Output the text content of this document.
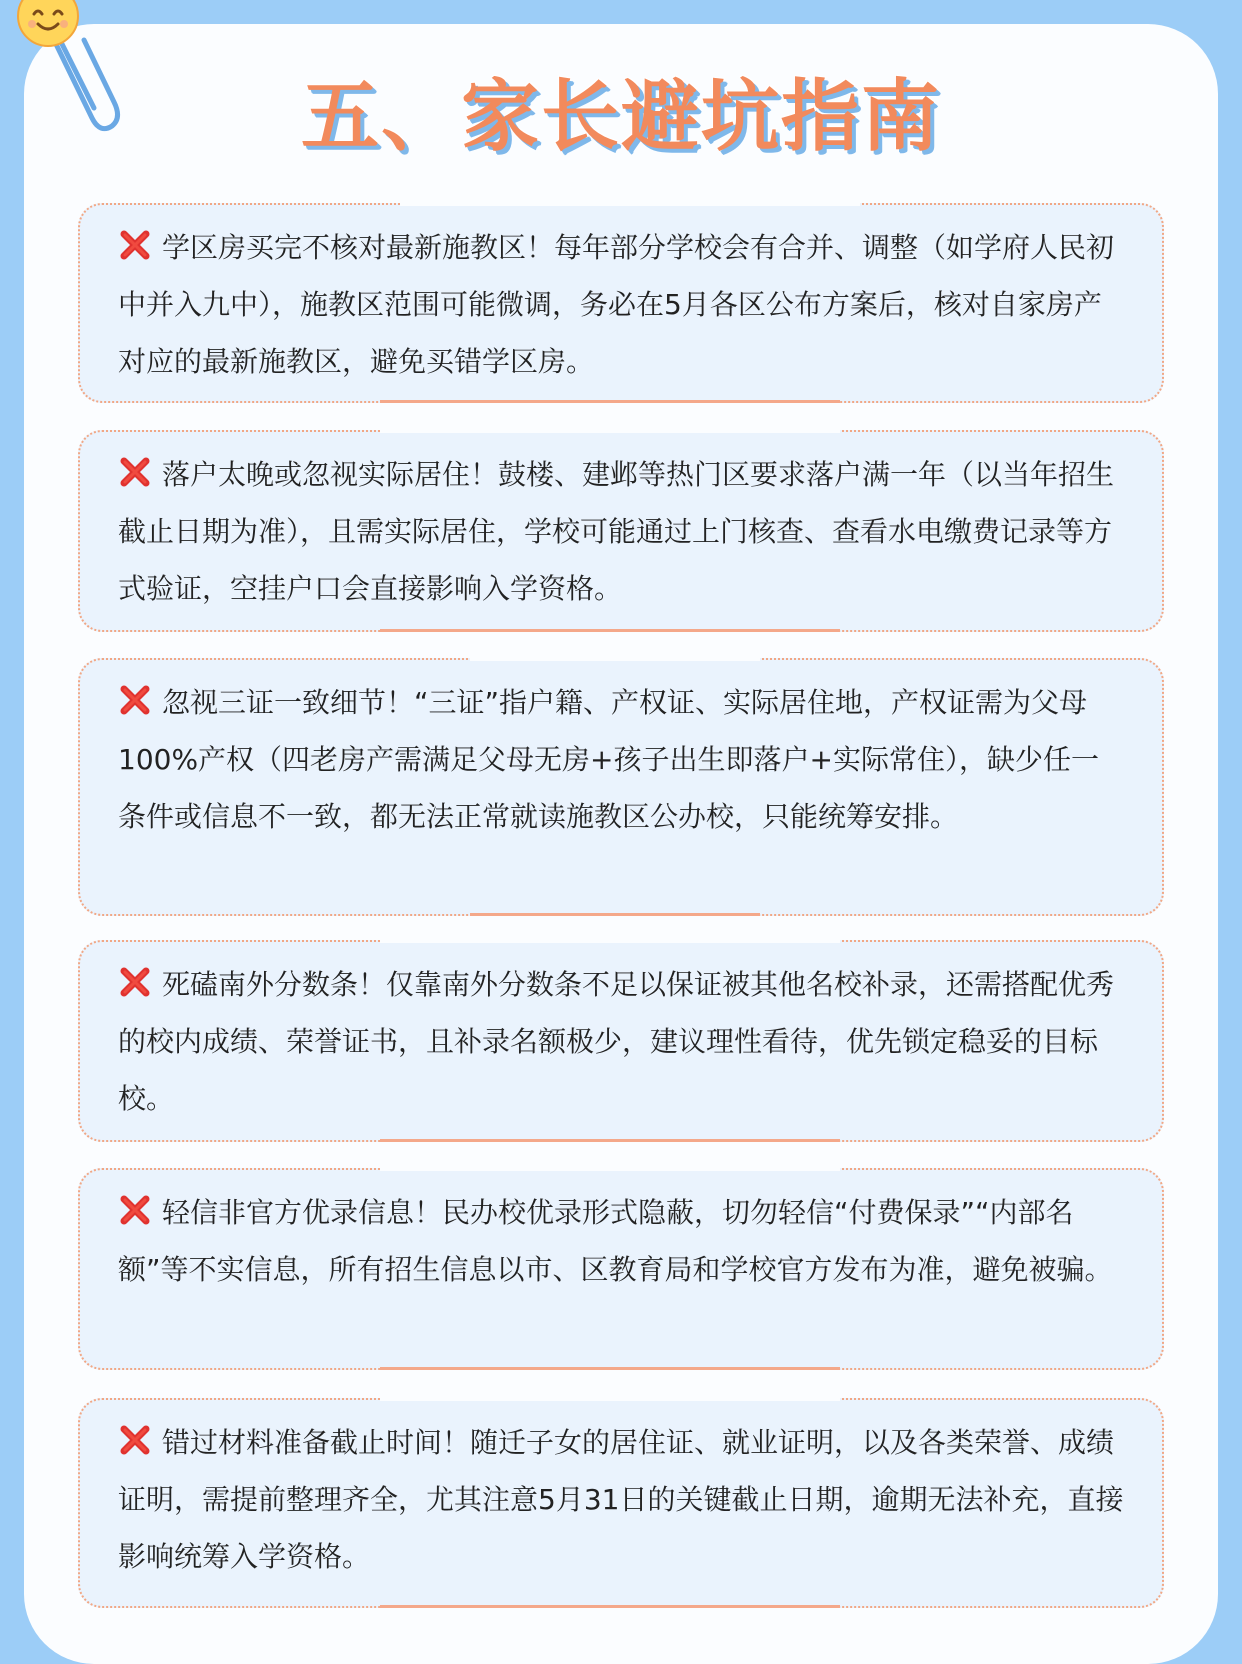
五、家长避坑指南

学区房买完不核对最新施教区！每年部分学校会有合并、调整（如学府人民初中并入九中），施教区范围可能微调，务必在5月各区公布方案后，核对自家房产对应的最新施教区，避免买错学区房。

落户太晚或忽视实际居住！鼓楼、建邺等热门区要求落户满一年（以当年招生截止日期为准），且需实际居住，学校可能通过上门核查、查看水电缴费记录等方式验证，空挂户口会直接影响入学资格。

忽视三证一致细节！“三证”指户籍、产权证、实际居住地，产权证需为父母100%产权（四老房产需满足父母无房+孩子出生即落户+实际常住），缺少任一条件或信息不一致，都无法正常就读施教区公办校，只能统筹安排。

死磕南外分数条！仅靠南外分数条不足以保证被其他名校补录，还需搭配优秀的校内成绩、荣誉证书，且补录名额极少，建议理性看待，优先锁定稳妥的目标校。

轻信非官方优录信息！民办校优录形式隐蔽，切勿轻信“付费保录”“内部名额”等不实信息，所有招生信息以市、区教育局和学校官方发布为准，避免被骗。

错过材料准备截止时间！随迁子女的居住证、就业证明，以及各类荣誉、成绩证明，需提前整理齐全，尤其注意5月31日的关键截止日期，逾期无法补充，直接影响统筹入学资格。
